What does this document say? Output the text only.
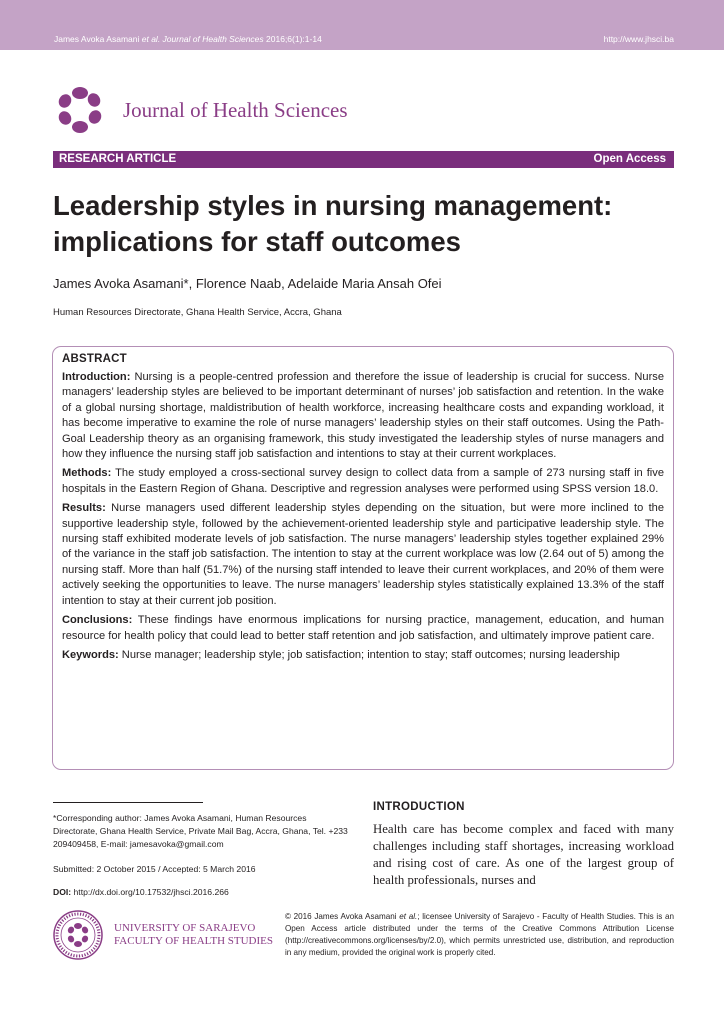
James Avoka Asamani et al. Journal of Health Sciences 2016;6(1):1-14	http://www.jhsci.ba
Journal of Health Sciences
RESEARCH ARTICLE	Open Access
Leadership styles in nursing management: implications for staff outcomes
James Avoka Asamani*, Florence Naab, Adelaide Maria Ansah Ofei
Human Resources Directorate, Ghana Health Service, Accra, Ghana
ABSTRACT

Introduction: Nursing is a people-centred profession and therefore the issue of leadership is crucial for success. Nurse managers’ leadership styles are believed to be important determinant of nurses’ job satisfaction and retention. In the wake of a global nursing shortage, maldistribution of health workforce, increasing healthcare costs and expanding workload, it has become imperative to examine the role of nurse managers’ leadership styles on their staff outcomes. Using the Path-Goal Leadership theory as an organising framework, this study investigated the leadership styles of nurse managers and how they influence the nursing staff job satisfaction and intentions to stay at their current workplaces.

Methods: The study employed a cross-sectional survey design to collect data from a sample of 273 nursing staff in five hospitals in the Eastern Region of Ghana. Descriptive and regression analyses were performed using SPSS version 18.0.

Results: Nurse managers used different leadership styles depending on the situation, but were more inclined to the supportive leadership style, followed by the achievement-oriented leadership style and participative leadership style. The nursing staff exhibited moderate levels of job satisfaction. The nurse managers’ leadership styles together explained 29% of the variance in the staff job satisfaction. The intention to stay at the current workplace was low (2.64 out of 5) among the nursing staff. More than half (51.7%) of the nursing staff intended to leave their current workplaces, and 20% of them were actively seeking the opportunities to leave. The nurse managers’ leadership styles statistically explained 13.3% of the staff intention to stay at their current job position.

Conclusions: These findings have enormous implications for nursing practice, management, education, and human resource for health policy that could lead to better staff retention and job satisfaction, and ultimately improve patient care.

Keywords: Nurse manager; leadership style; job satisfaction; intention to stay; staff outcomes; nursing leadership

*Corresponding author: James Avoka Asamani, Human Resources Directorate, Ghana Health Service, Private Mail Bag, Accra, Ghana, Tel. +233 209409458, E-mail: jamesavoka@gmail.com
Submitted: 2 October 2015 / Accepted: 5 March 2016
DOI: http://dx.doi.org/10.17532/jhsci.2016.266
UNIVERSITY OF SARAJEVO
FACULTY OF HEALTH STUDIES
INTRODUCTION
Health care has become complex and faced with many challenges including staff shortages, increasing workload and rising cost of care. As one of the largest group of health professionals, nurses and
© 2016 James Avoka Asamani et al.; licensee University of Sarajevo - Faculty of Health Studies. This is an Open Access article distributed under the terms of the Creative Commons Attribution License (http://creativecommons.org/licenses/by/2.0), which permits unrestricted use, distribution, and reproduction in any medium, provided the original work is properly cited.
